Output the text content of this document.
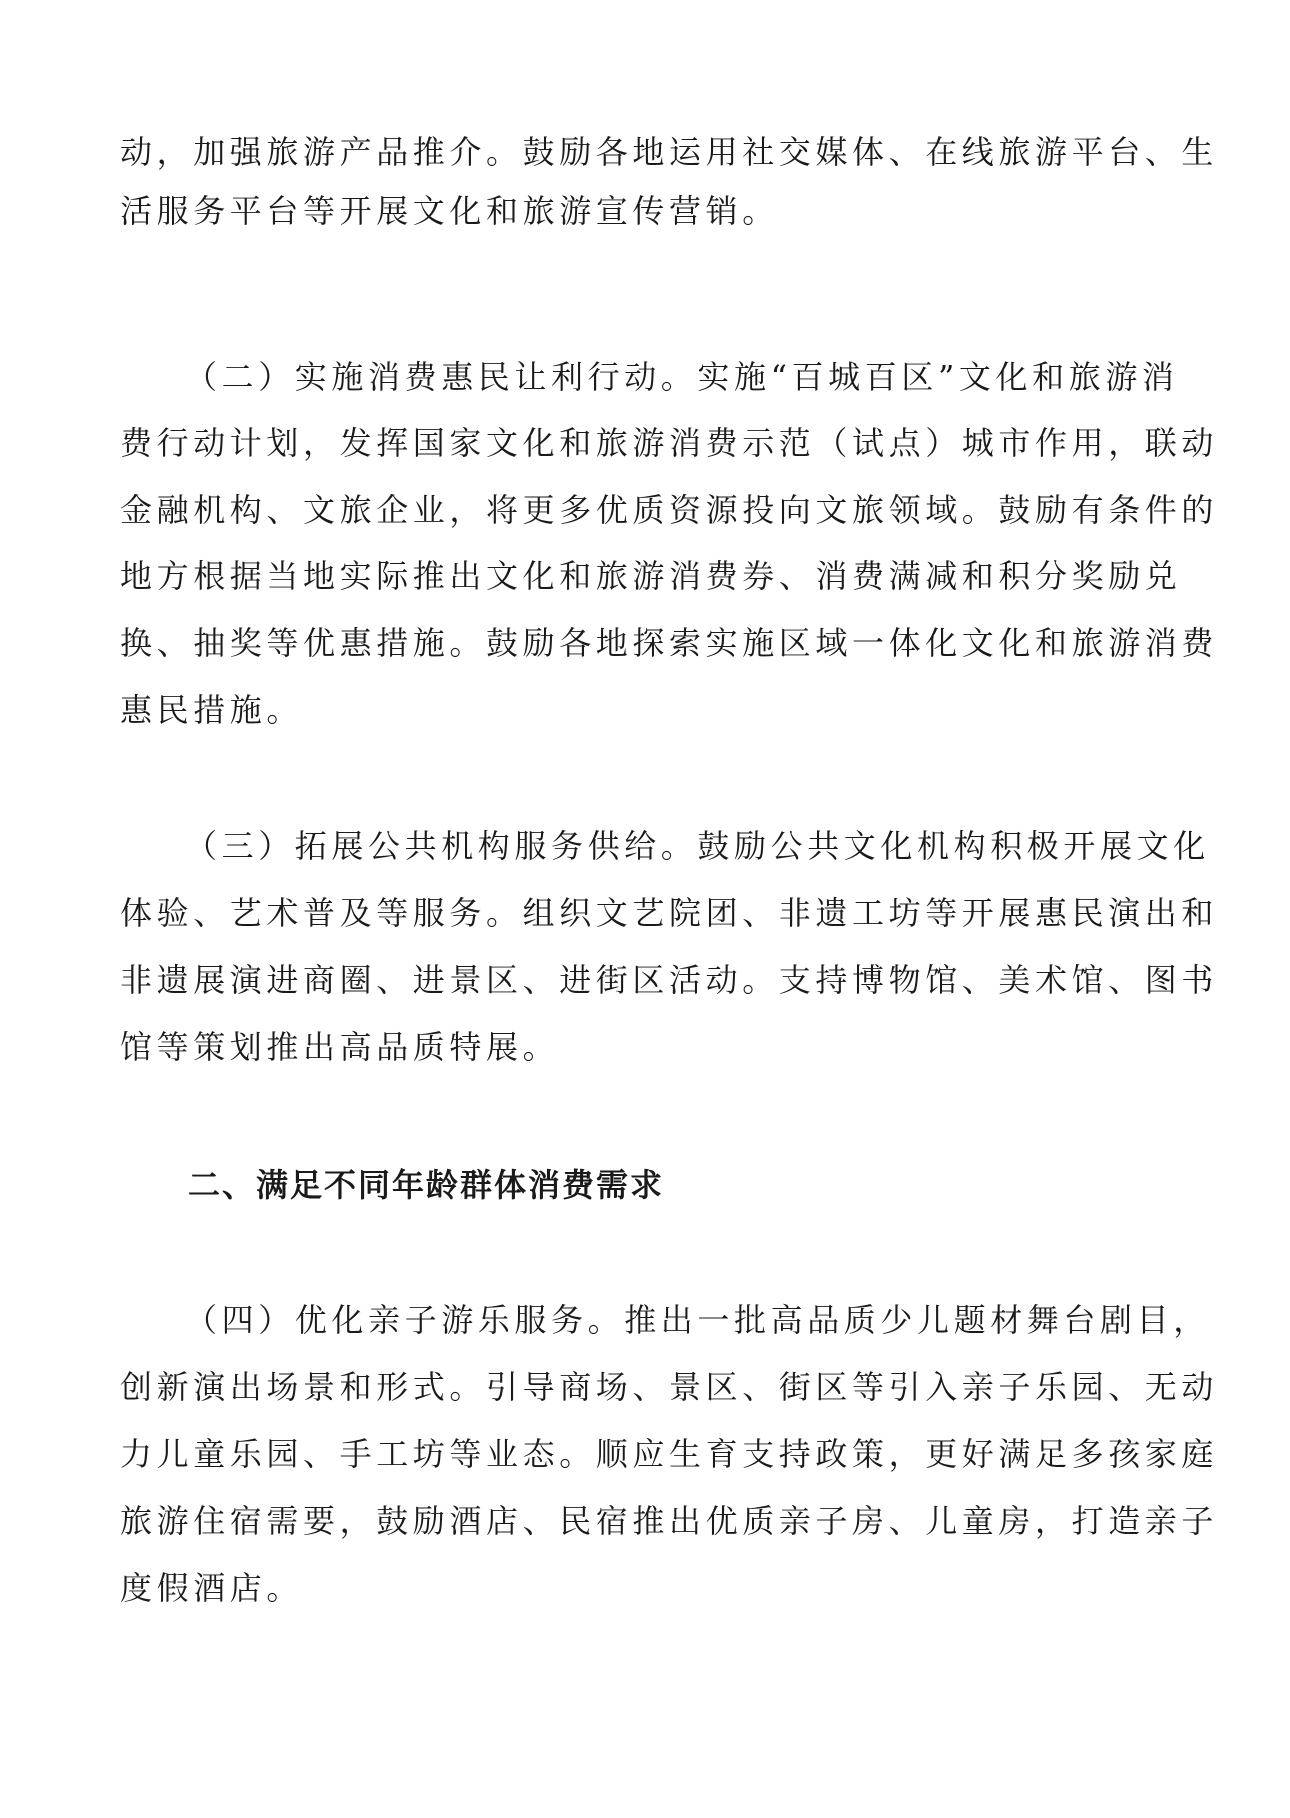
动，加强旅游产品推介。鼓励各地运用社交媒体、在线旅游平台、生

活服务平台等开展文化和旅游宣传营销。

（二）实施消费惠民让利行动。实施“百城百区”文化和旅游消

费行动计划，发挥国家文化和旅游消费示范（试点）城市作用，联动

金融机构、文旅企业，将更多优质资源投向文旅领域。鼓励有条件的

地方根据当地实际推出文化和旅游消费券、消费满减和积分奖励兑

换、抽奖等优惠措施。鼓励各地探索实施区域一体化文化和旅游消费

惠民措施。

（三）拓展公共机构服务供给。鼓励公共文化机构积极开展文化

体验、艺术普及等服务。组织文艺院团、非遗工坊等开展惠民演出和

非遗展演进商圈、进景区、进街区活动。支持博物馆、美术馆、图书

馆等策划推出高品质特展。

二、满足不同年龄群体消费需求

（四）优化亲子游乐服务。推出一批高品质少儿题材舞台剧目，

创新演出场景和形式。引导商场、景区、街区等引入亲子乐园、无动

力儿童乐园、手工坊等业态。顺应生育支持政策，更好满足多孩家庭

旅游住宿需要，鼓励酒店、民宿推出优质亲子房、儿童房，打造亲子

度假酒店。
